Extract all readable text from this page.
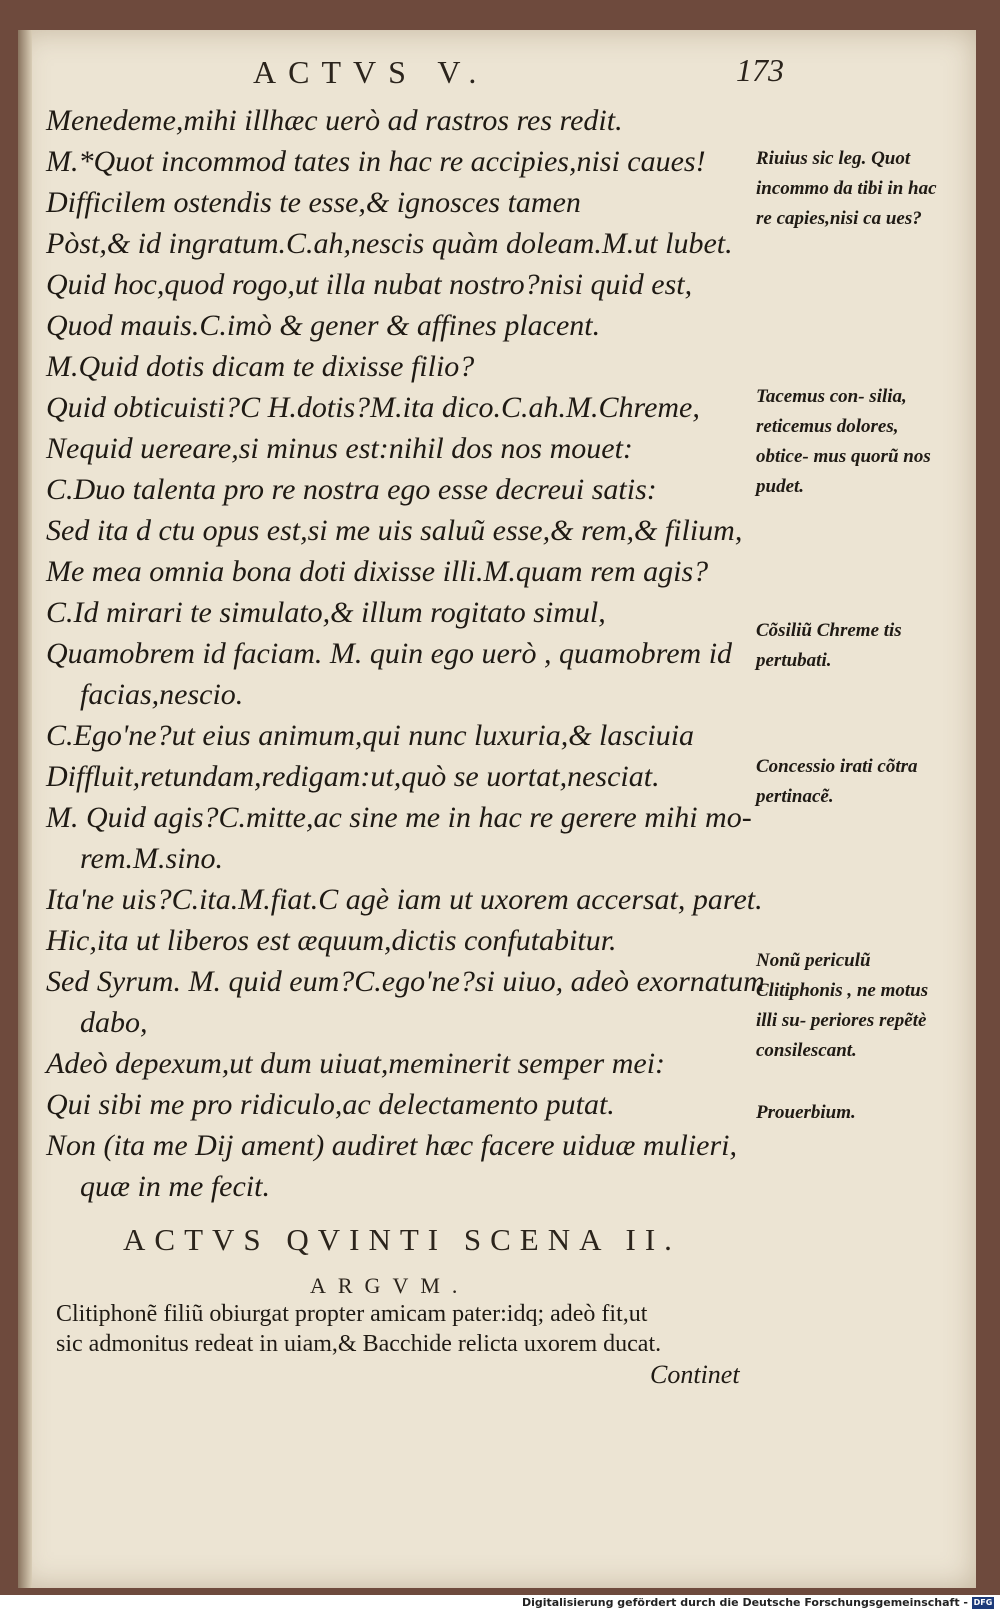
ACTVS V.	173
Menedeme,mihi illhæc uerò ad rastros res redit.
M.*Quot incommod tates in hac re accipies,nisi caues!
Difficilem ostendis te esse,& ignosces tamen
Pòst,& id ingratum.C.ah,nescis quàm doleam.M.ut lubet.
Quid hoc,quod rogo,ut illa nubat nostro?nisi quid est,
Quod mauis.C.imò & gener & affines placent.
M.Quid dotis dicam te dixisse filio?
Quid obticuisti?C H.dotis?M.ita dico.C.ah.M.Chreme,
Nequid uereare,si minus est:nihil dos nos mouet:
C.Duo talenta pro re nostra ego esse decreui satis:
Sed ita d ctu opus est,si me uis saluũ esse,& rem,& filium,
Me mea omnia bona doti dixisse illi.M.quam rem agis?
C.Id mirari te simulato,& illum rogitato simul,
Quamobrem id faciam. M. quin ego uerò , quamobrem id
facias,nescio.
C.Ego'ne?ut eius animum,qui nunc luxuria,& lasciuia
Diffluit,retundam,redigam:ut,quò se uortat,nesciat.
M. Quid agis?C.mitte,ac sine me in hac re gerere mihi mo-
rem.M.sino.
Ita'ne uis?C.ita.M.fiat.C agè iam ut uxorem accersat, paret.
Hic,ita ut liberos est æquum,dictis confutabitur.
Sed Syrum. M. quid eum?C.ego'ne?si uiuo, adeò exornatum
dabo,
Adeò depexum,ut dum uiuat,meminerit semper mei:
Qui sibi me pro ridiculo,ac delectamento putat.
Non (ita me Dij ament) audiret hæc facere uiduæ mulieri,
quæ in me fecit.
Riuius sic leg. Quot incommo da tibi in hac re capies,nisi ca ues?
Tacemus con- silia, reticemus dolores, obtice- mus quorũ nos pudet.
Cõsiliũ Chreme tis pertubati.
Concessio irati cõtra pertinacẽ.
Nonũ periculũ Clitiphonis , ne motus illi su- periores repẽtè consilescant.
Prouerbium.
ACTVS QVINTI SCENA II.
ARGVM.
Clitiphonẽ filiũ obiurgat propter amicam pater:idq; adeò fit,ut
sic admonitus redeat in uiam,& Bacchide relicta uxorem ducat.
Continet
Digitalisierung gefördert durch die Deutsche Forschungsgemeinschaft - DFG
